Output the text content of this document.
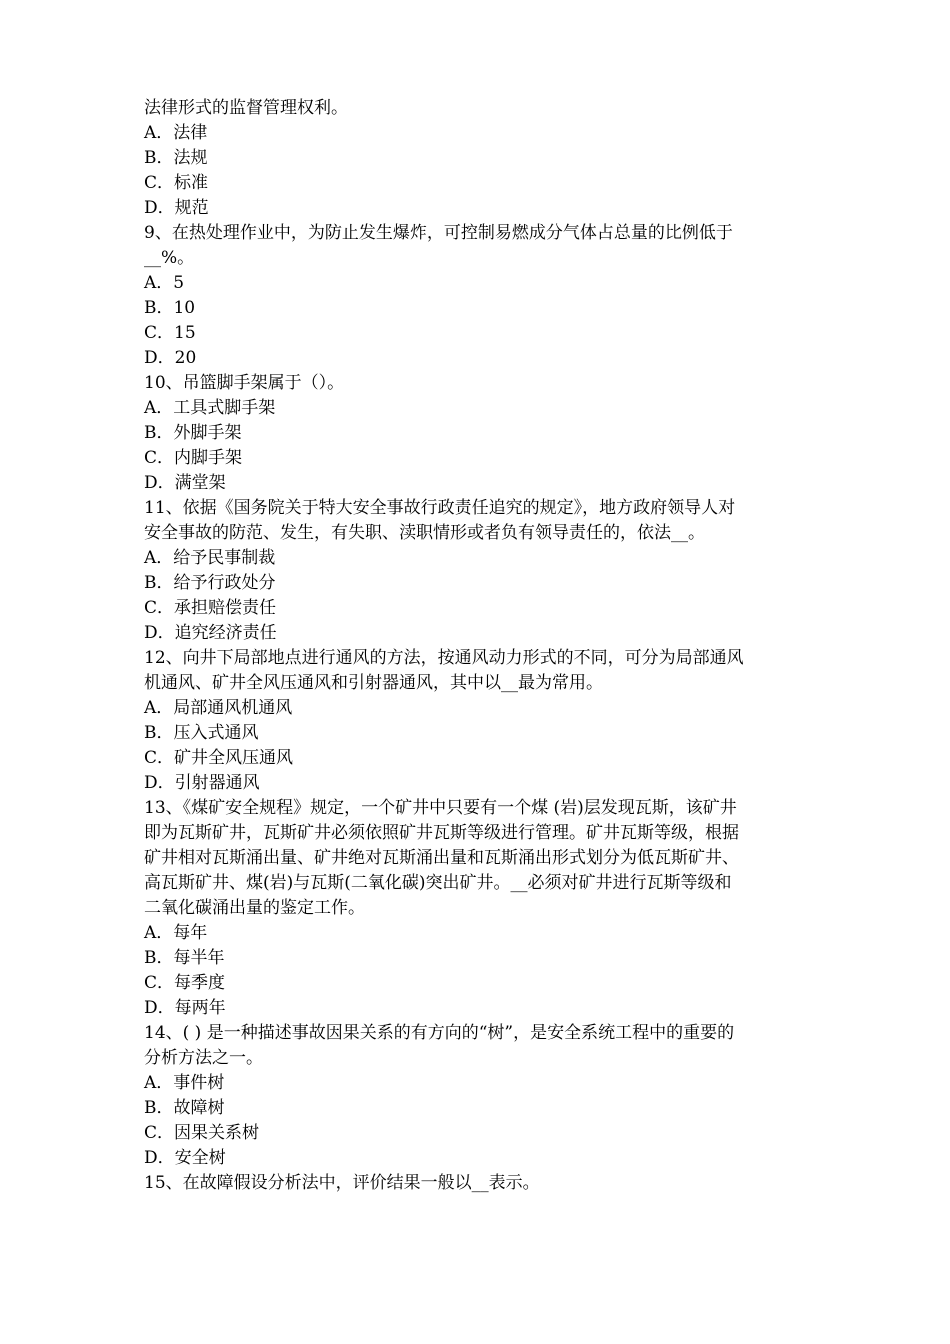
法律形式的监督管理权利。
A．法律
B．法规
C．标准
D．规范
9、在热处理作业中，为防止发生爆炸，可控制易燃成分气体占总量的比例低于
__%。
A．5
B．10
C．15
D．20
10、吊篮脚手架属于（）。
A．工具式脚手架
B．外脚手架
C．内脚手架
D．满堂架
11、依据《国务院关于特大安全事故行政责任追究的规定》，地方政府领导人对
安全事故的防范、发生，有失职、渎职情形或者负有领导责任的，依法__。
A．给予民事制裁
B．给予行政处分
C．承担赔偿责任
D．追究经济责任
12、向井下局部地点进行通风的方法，按通风动力形式的不同，可分为局部通风
机通风、矿井全风压通风和引射器通风，其中以__最为常用。
A．局部通风机通风
B．压入式通风
C．矿井全风压通风
D．引射器通风
13、《煤矿安全规程》规定，一个矿井中只要有一个煤 (岩)层发现瓦斯，该矿井
即为瓦斯矿井，瓦斯矿井必须依照矿井瓦斯等级进行管理。矿井瓦斯等级，根据
矿井相对瓦斯涌出量、矿井绝对瓦斯涌出量和瓦斯涌出形式划分为低瓦斯矿井、
高瓦斯矿井、煤(岩)与瓦斯(二氧化碳)突出矿井。__必须对矿井进行瓦斯等级和
二氧化碳涌出量的鉴定工作。
A．每年
B．每半年
C．每季度
D．每两年
14、( ) 是一种描述事故因果关系的有方向的“树”，是安全系统工程中的重要的
分析方法之一。
A．事件树
B．故障树
C．因果关系树
D．安全树
15、在故障假设分析法中，评价结果一般以__表示。
